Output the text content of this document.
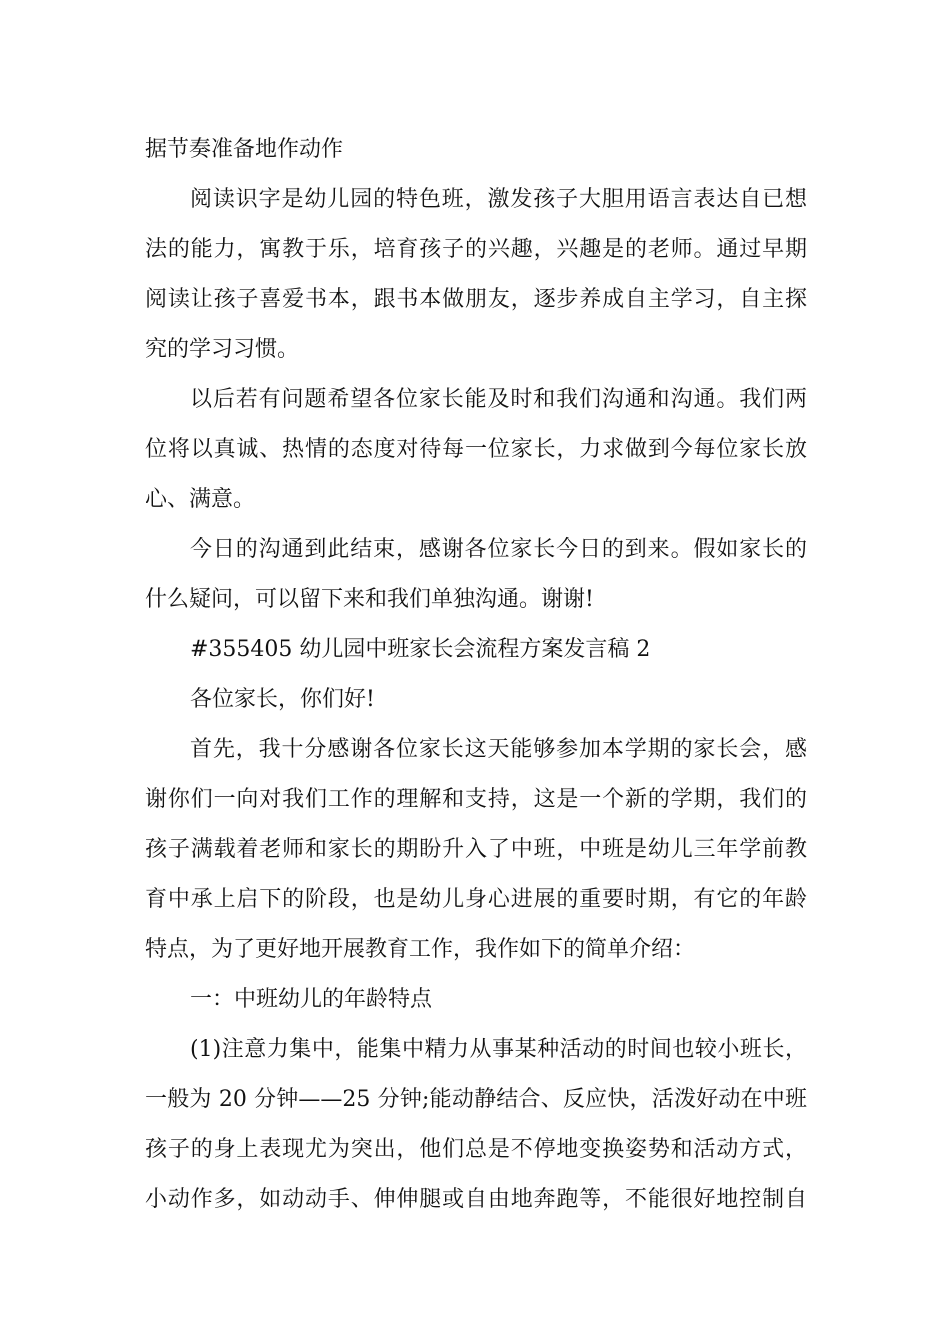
据节奏准备地作动作
阅读识字是幼儿园的特色班，激发孩子大胆用语言表达自已想
法的能力，寓教于乐，培育孩子的兴趣，兴趣是的老师。通过早期
阅读让孩子喜爱书本，跟书本做朋友，逐步养成自主学习，自主探
究的学习习惯。
以后若有问题希望各位家长能及时和我们沟通和沟通。我们两
位将以真诚、热情的态度对待每一位家长，力求做到今每位家长放
心、满意。
今日的沟通到此结束，感谢各位家长今日的到来。假如家长的
什么疑问，可以留下来和我们单独沟通。谢谢!
#355405 幼儿园中班家长会流程方案发言稿 2
各位家长，你们好!
首先，我十分感谢各位家长这天能够参加本学期的家长会，感
谢你们一向对我们工作的理解和支持，这是一个新的学期，我们的
孩子满载着老师和家长的期盼升入了中班，中班是幼儿三年学前教
育中承上启下的阶段，也是幼儿身心进展的重要时期，有它的年龄
特点，为了更好地开展教育工作，我作如下的简单介绍：
一：中班幼儿的年龄特点
(1)注意力集中，能集中精力从事某种活动的时间也较小班长，
一般为 20 分钟——25 分钟;能动静结合、反应快，活泼好动在中班
孩子的身上表现尤为突出，他们总是不停地变换姿势和活动方式，
小动作多，如动动手、伸伸腿或自由地奔跑等，不能很好地控制自
